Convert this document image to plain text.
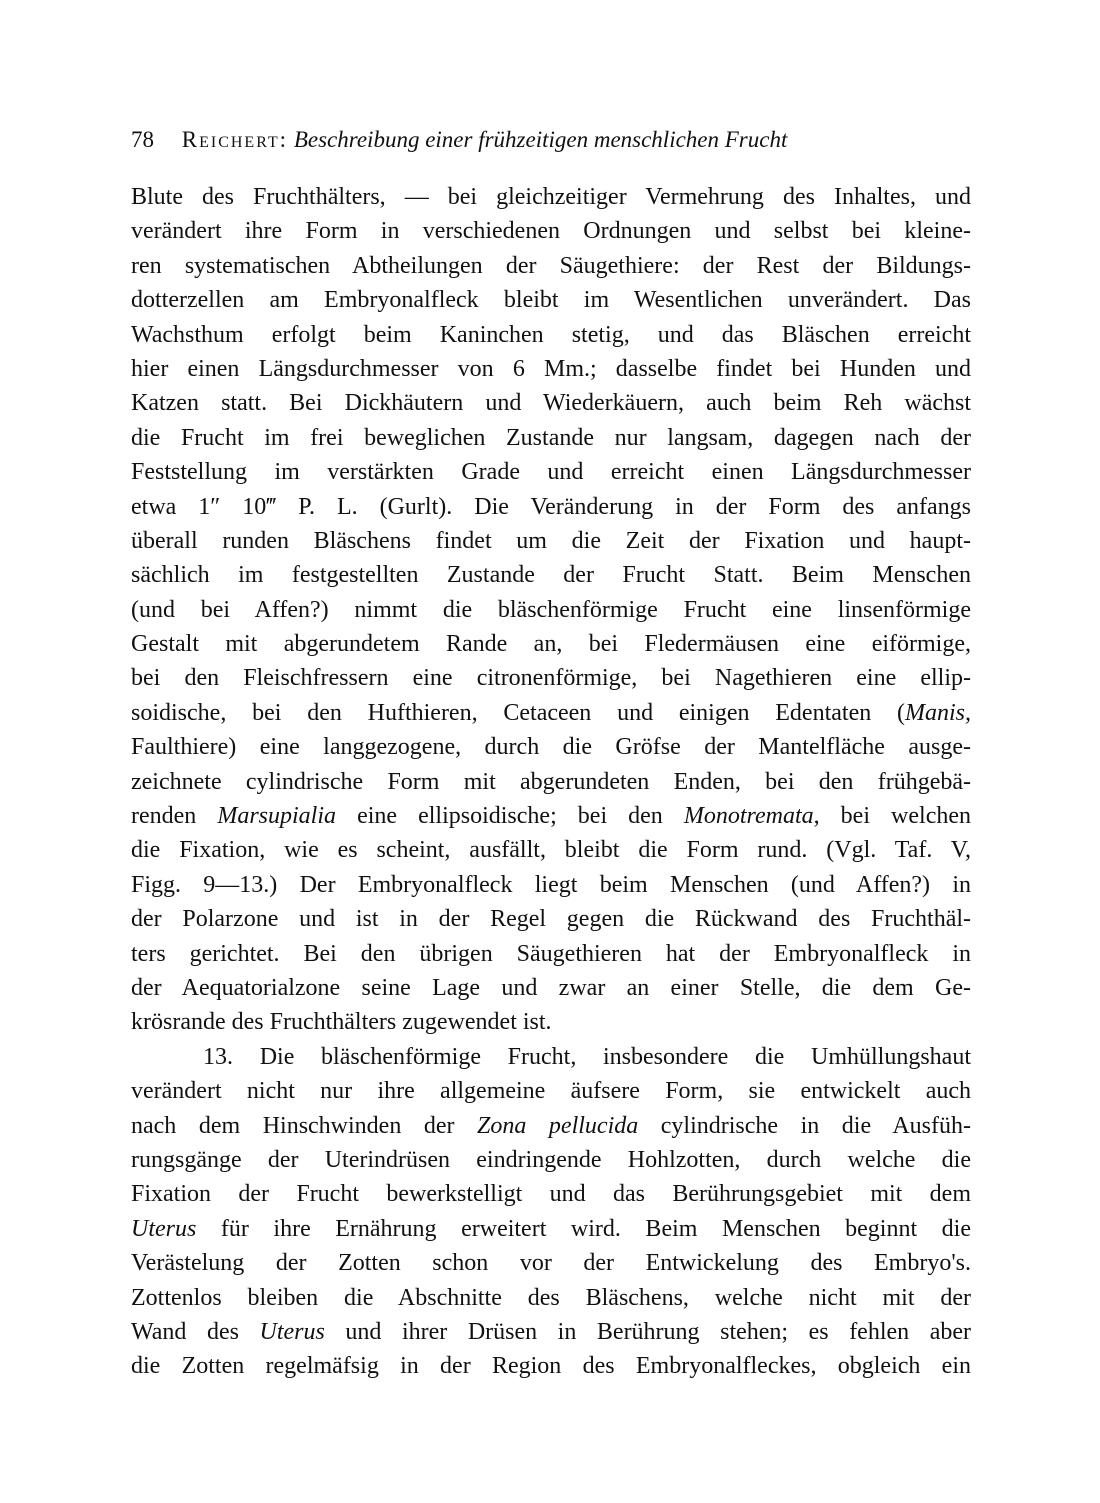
78 Reichert: Beschreibung einer frühzeitigen menschlichen Frucht
Blute des Fruchthälters, — bei gleichzeitiger Vermehrung des Inhaltes, und
verändert ihre Form in verschiedenen Ordnungen und selbst bei kleine-
ren systematischen Abtheilungen der Säugethiere: der Rest der Bildungs-
dotterzellen am Embryonalfleck bleibt im Wesentlichen unverändert. Das
Wachsthum erfolgt beim Kaninchen stetig, und das Bläschen erreicht
hier einen Längsdurchmesser von 6 Mm.; dasselbe findet bei Hunden und
Katzen statt. Bei Dickhäutern und Wiederkäuern, auch beim Reh wächst
die Frucht im frei beweglichen Zustande nur langsam, dagegen nach der
Feststellung im verstärkten Grade und erreicht einen Längsdurchmesser
etwa 1″ 10‴ P. L. (Gurlt). Die Veränderung in der Form des anfangs
überall runden Bläschens findet um die Zeit der Fixation und haupt-
sächlich im festgestellten Zustande der Frucht Statt. Beim Menschen
(und bei Affen?) nimmt die bläschenförmige Frucht eine linsenförmige
Gestalt mit abgerundetem Rande an, bei Fledermäusen eine eiförmige,
bei den Fleischfressern eine citronenförmige, bei Nagethieren eine ellip-
soidische, bei den Hufthieren, Cetaceen und einigen Edentaten (Manis,
Faulthiere) eine langgezogene, durch die Gröfse der Mantelfläche ausge-
zeichnete cylindrische Form mit abgerundeten Enden, bei den frühgebä-
renden Marsupialia eine ellipsoidische; bei den Monotremata, bei welchen
die Fixation, wie es scheint, ausfällt, bleibt die Form rund. (Vgl. Taf. V,
Figg. 9—13.) Der Embryonalfleck liegt beim Menschen (und Affen?) in
der Polarzone und ist in der Regel gegen die Rückwand des Fruchthäl-
ters gerichtet. Bei den übrigen Säugethieren hat der Embryonalfleck in
der Aequatorialzone seine Lage und zwar an einer Stelle, die dem Ge-
krösrande des Fruchthälters zugewendet ist.
13. Die bläschenförmige Frucht, insbesondere die Umhüllungshaut
verändert nicht nur ihre allgemeine äufsere Form, sie entwickelt auch
nach dem Hinschwinden der Zona pellucida cylindrische in die Ausfüh-
rungsgänge der Uterindrüsen eindringende Hohlzotten, durch welche die
Fixation der Frucht bewerkstelligt und das Berührungsgebiet mit dem
Uterus für ihre Ernährung erweitert wird. Beim Menschen beginnt die
Verästelung der Zotten schon vor der Entwickelung des Embryo's.
Zottenlos bleiben die Abschnitte des Bläschens, welche nicht mit der
Wand des Uterus und ihrer Drüsen in Berührung stehen; es fehlen aber
die Zotten regelmäfsig in der Region des Embryonalfleckes, obgleich ein
